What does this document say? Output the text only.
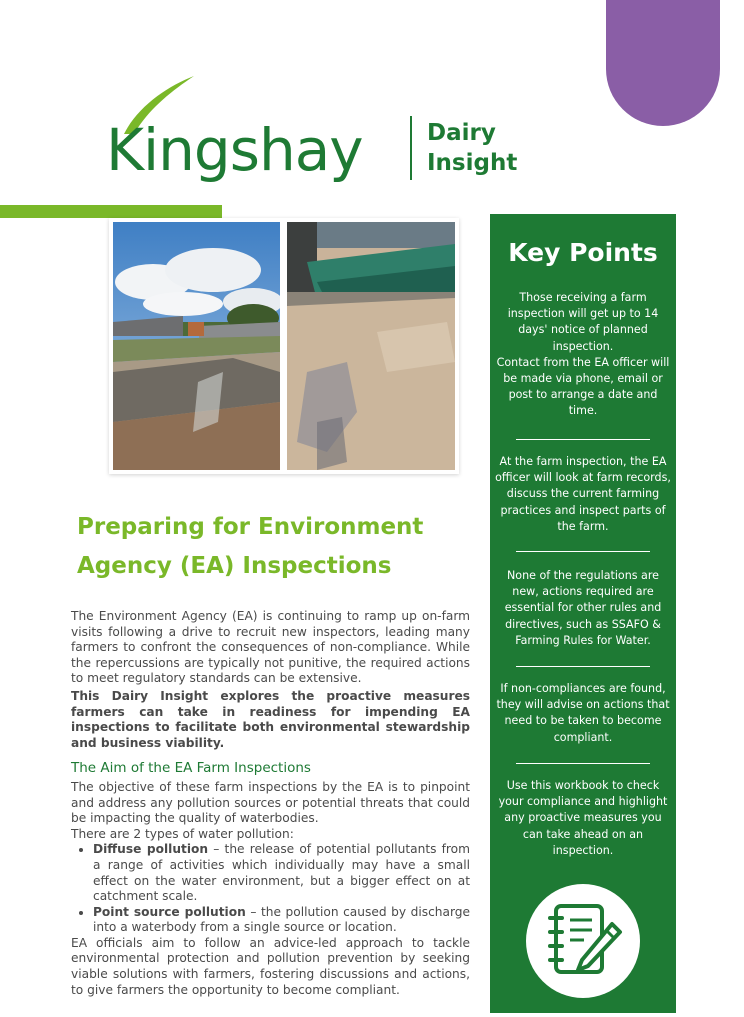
Kingshay	Dairy
Insight
Preparing for Environment
Agency (EA) Inspections

The Environment Agency (EA) is continuing to ramp up on-farm visits following a drive to recruit new inspectors, leading many farmers to confront the consequences of non-compliance. While the repercussions are typically not punitive, the required actions to meet regulatory standards can be extensive.

This Dairy Insight explores the proactive measures farmers can take in readiness for impending EA inspections to facilitate both environmental stewardship and business viability.

The Aim of the EA Farm Inspections

The objective of these farm inspections by the EA is to pinpoint and address any pollution sources or potential threats that could be impacting the quality of waterbodies.

There are 2 types of water pollution:

• Diffuse pollution – the release of potential pollutants from a range of activities which individually may have a small effect on the water environment, but a bigger effect on at catchment scale.
• Point source pollution – the pollution caused by discharge into a waterbody from a single source or location.

EA officials aim to follow an advice-led approach to tackle environmental protection and pollution prevention by seeking viable solutions with farmers, fostering discussions and actions, to give farmers the opportunity to become compliant.

Key Points
Those receiving a farm inspection will get up to 14 days' notice of planned inspection.
Contact from the EA officer will be made via phone, email or post to arrange a date and time.
At the farm inspection, the EA officer will look at farm records, discuss the current farming practices and inspect parts of the farm.
None of the regulations are new, actions required are essential for other rules and directives, such as SSAFO & Farming Rules for Water.
If non-compliances are found, they will advise on actions that need to be taken to become compliant.
Use this workbook to check your compliance and highlight any proactive measures you can take ahead on an inspection.
